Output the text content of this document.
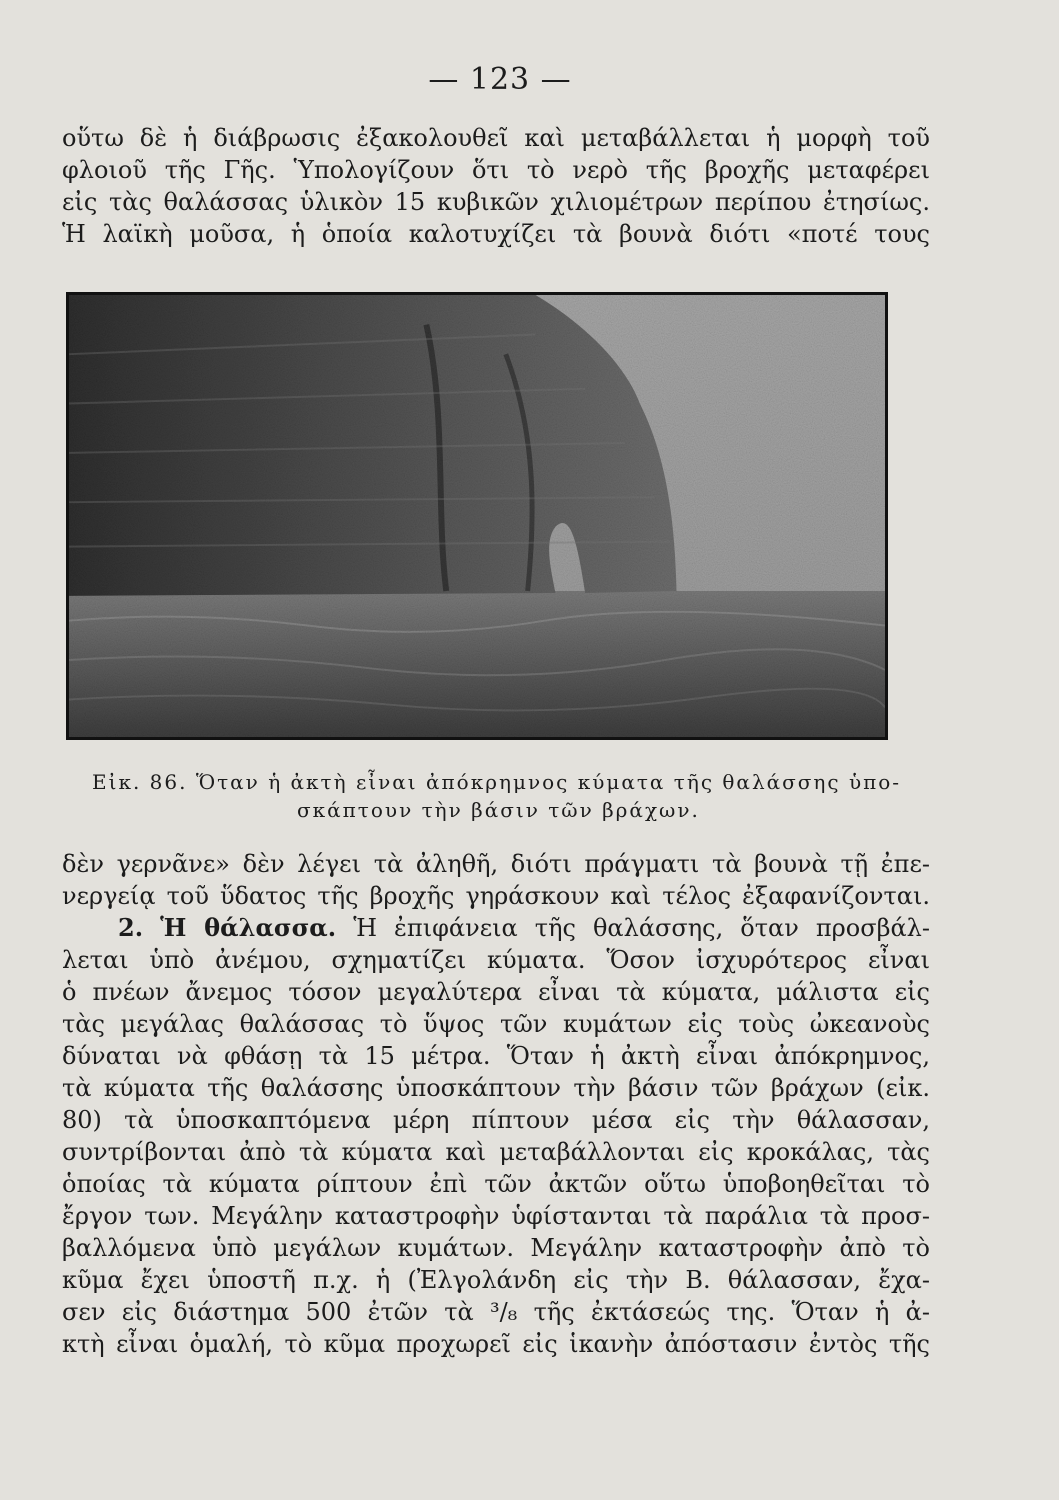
— 123 —
οὕτω δὲ ἡ διάβρωσις ἐξακολουθεῖ καὶ μεταβάλλεται ἡ μορφὴ τοῦ
φλοιοῦ τῆς Γῆς. Ὑπολογίζουν ὅτι τὸ νερὸ τῆς βροχῆς μεταφέρει
εἰς τὰς θαλάσσας ὑλικὸν 15 κυβικῶν χιλιομέτρων περίπου ἐτησίως.
Ἡ λαϊκὴ μοῦσα, ἡ ὁποία καλοτυχίζει τὰ βουνὰ διότι «ποτέ τους
Εἰκ. 86. Ὅταν ἡ ἀκτὴ εἶναι ἀπόκρημνος κύματα τῆς θαλάσσης ὑπο-
σκάπτουν τὴν βάσιν τῶν βράχων.
δὲν γερνᾶνε» δὲν λέγει τὰ ἀληθῆ, διότι πράγματι τὰ βουνὰ τῇ ἐπε-
νεργείᾳ τοῦ ὕδατος τῆς βροχῆς γηράσκουν καὶ τέλος ἐξαφανίζονται.
2. Ἡ θάλασσα. Ἡ ἐπιφάνεια τῆς θαλάσσης, ὅταν προσβάλ-
λεται ὑπὸ ἀνέμου, σχηματίζει κύματα. Ὅσον ἰσχυρότερος εἶναι
ὁ πνέων ἄνεμος τόσον μεγαλύτερα εἶναι τὰ κύματα, μάλιστα εἰς
τὰς μεγάλας θαλάσσας τὸ ὕψος τῶν κυμάτων εἰς τοὺς ὠκεανοὺς
δύναται νὰ φθάσῃ τὰ 15 μέτρα. Ὅταν ἡ ἀκτὴ εἶναι ἀπόκρημνος,
τὰ κύματα τῆς θαλάσσης ὑποσκάπτουν τὴν βάσιν τῶν βράχων (εἰκ.
80) τὰ ὑποσκαπτόμενα μέρη πίπτουν μέσα εἰς τὴν θάλασσαν,
συντρίβονται ἀπὸ τὰ κύματα καὶ μεταβάλλονται εἰς κροκάλας, τὰς
ὁποίας τὰ κύματα ρίπτουν ἐπὶ τῶν ἀκτῶν οὕτω ὑποβοηθεῖται τὸ
ἔργον των. Μεγάλην καταστροφὴν ὑφίστανται τὰ παράλια τὰ προσ-
βαλλόμενα ὑπὸ μεγάλων κυμάτων. Μεγάλην καταστροφὴν ἀπὸ τὸ
κῦμα ἔχει ὑποστῆ π.χ. ἡ (Ἐλγολάνδη εἰς τὴν Β. θάλασσαν, ἔχα-
σεν εἰς διάστημα 500 ἐτῶν τὰ ³/₈ τῆς ἐκτάσεώς της. Ὅταν ἡ ἀ-
κτὴ εἶναι ὁμαλή, τὸ κῦμα προχωρεῖ εἰς ἱκανὴν ἀπόστασιν ἐντὸς τῆς
